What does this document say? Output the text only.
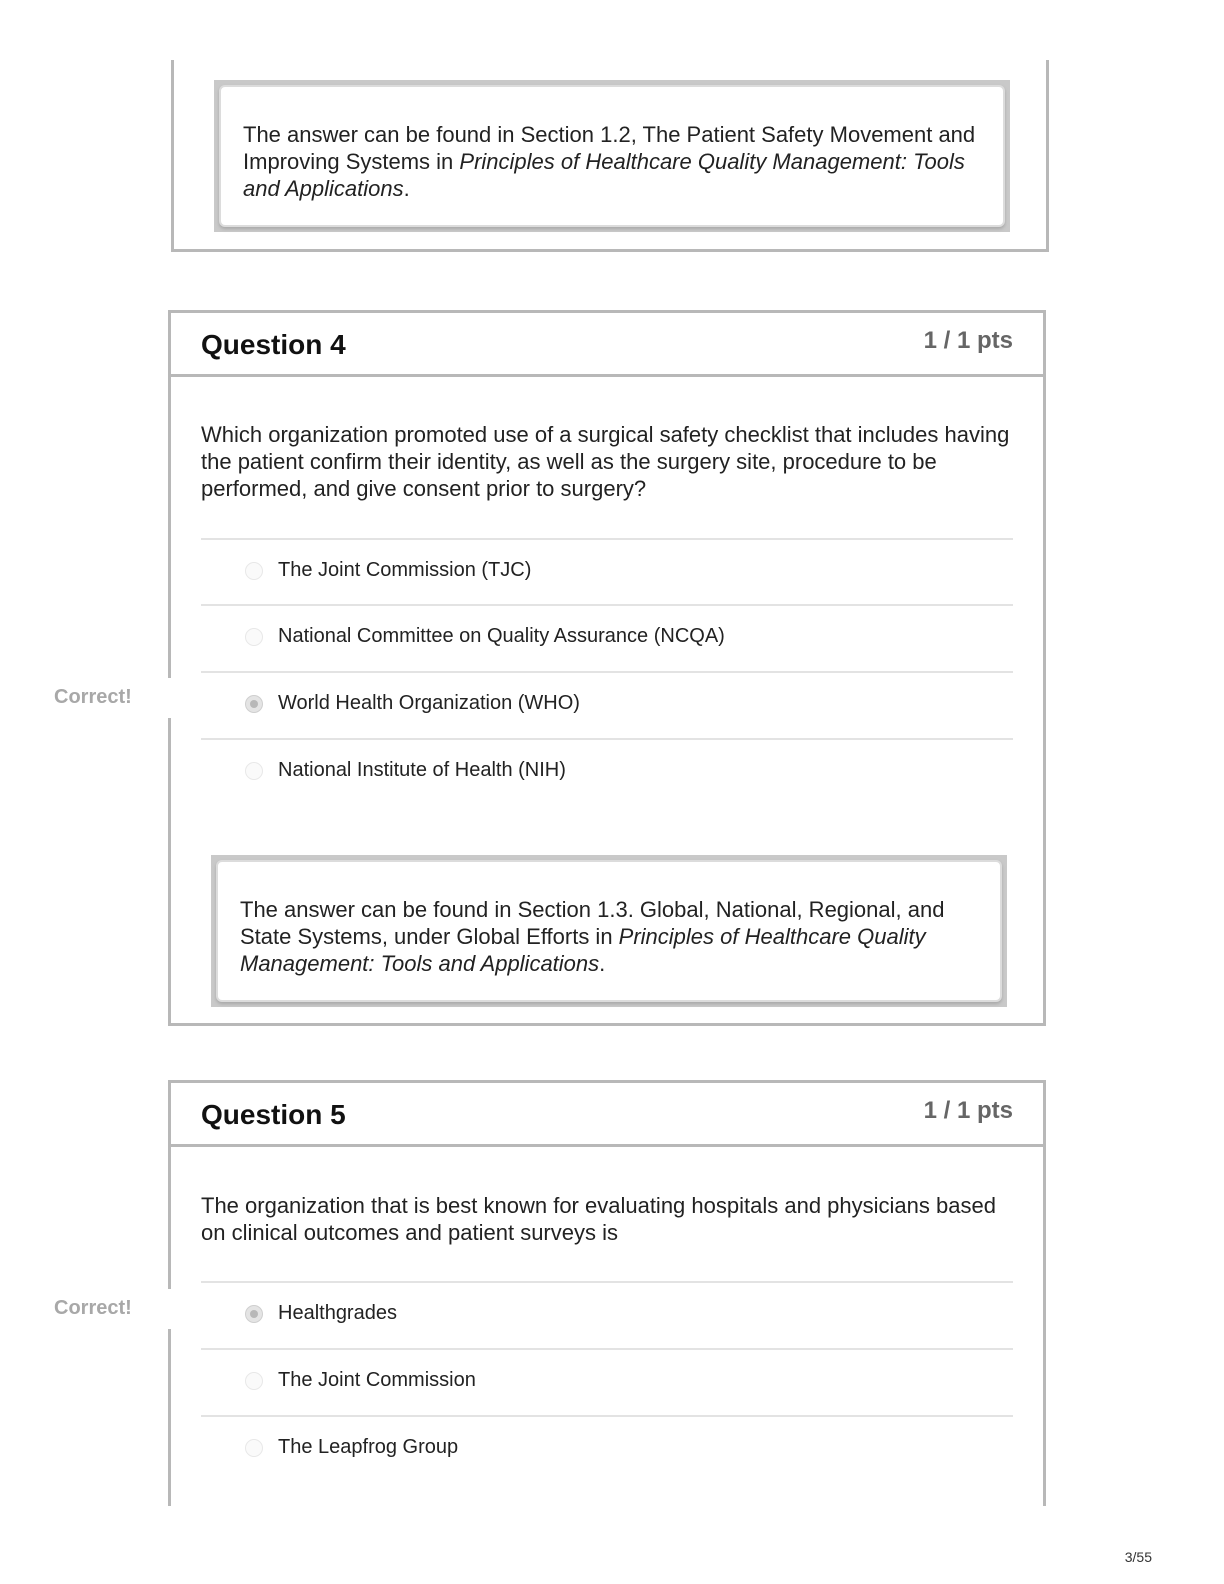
The answer can be found in Section 1.2, The Patient Safety Movement and Improving Systems in Principles of Healthcare Quality Management: Tools and Applications.
Question 4	1 / 1 pts
Which organization promoted use of a surgical safety checklist that includes having the patient confirm their identity, as well as the surgery site, procedure to be performed, and give consent prior to surgery?
The Joint Commission (TJC)
National Committee on Quality Assurance (NCQA)
World Health Organization (WHO)
National Institute of Health (NIH)
The answer can be found in Section 1.3. Global, National, Regional, and State Systems, under Global Efforts in Principles of Healthcare Quality Management: Tools and Applications.
Correct!
Question 5	1 / 1 pts
The organization that is best known for evaluating hospitals and physicians based on clinical outcomes and patient surveys is
Healthgrades
The Joint Commission
The Leapfrog Group
Correct!
3/55
